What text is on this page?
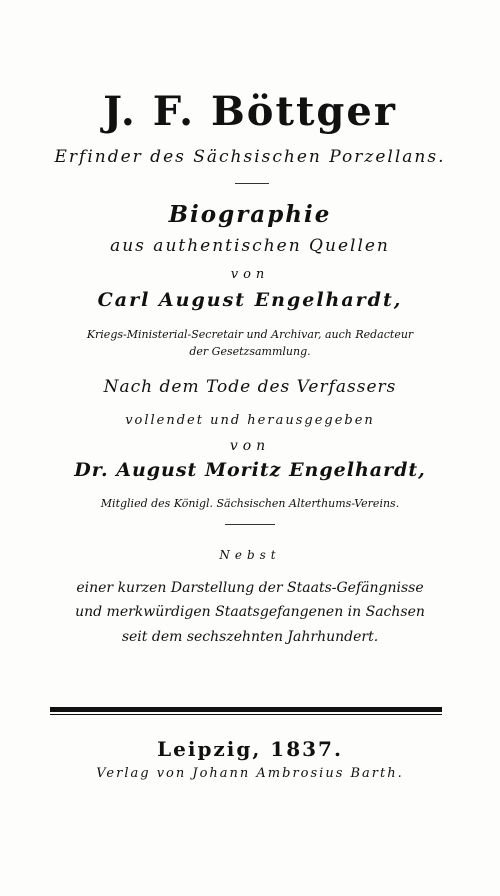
J. F. Böttger
Erfinder des Sächsischen Porzellans.
Biographie
aus authentischen Quellen
von
Carl August Engelhardt,
Kriegs-Ministerial-Secretair und Archivar, auch Redacteur
der Gesetzsammlung.
Nach dem Tode des Verfassers
vollendet und herausgegeben
von
Dr. August Moritz Engelhardt,
Mitglied des Königl. Sächsischen Alterthums-Vereins.
Nebst
einer kurzen Darstellung der Staats-Gefängnisse
und merkwürdigen Staatsgefangenen in Sachsen
seit dem sechszehnten Jahrhundert.
Leipzig, 1837.
Verlag von Johann Ambrosius Barth.
